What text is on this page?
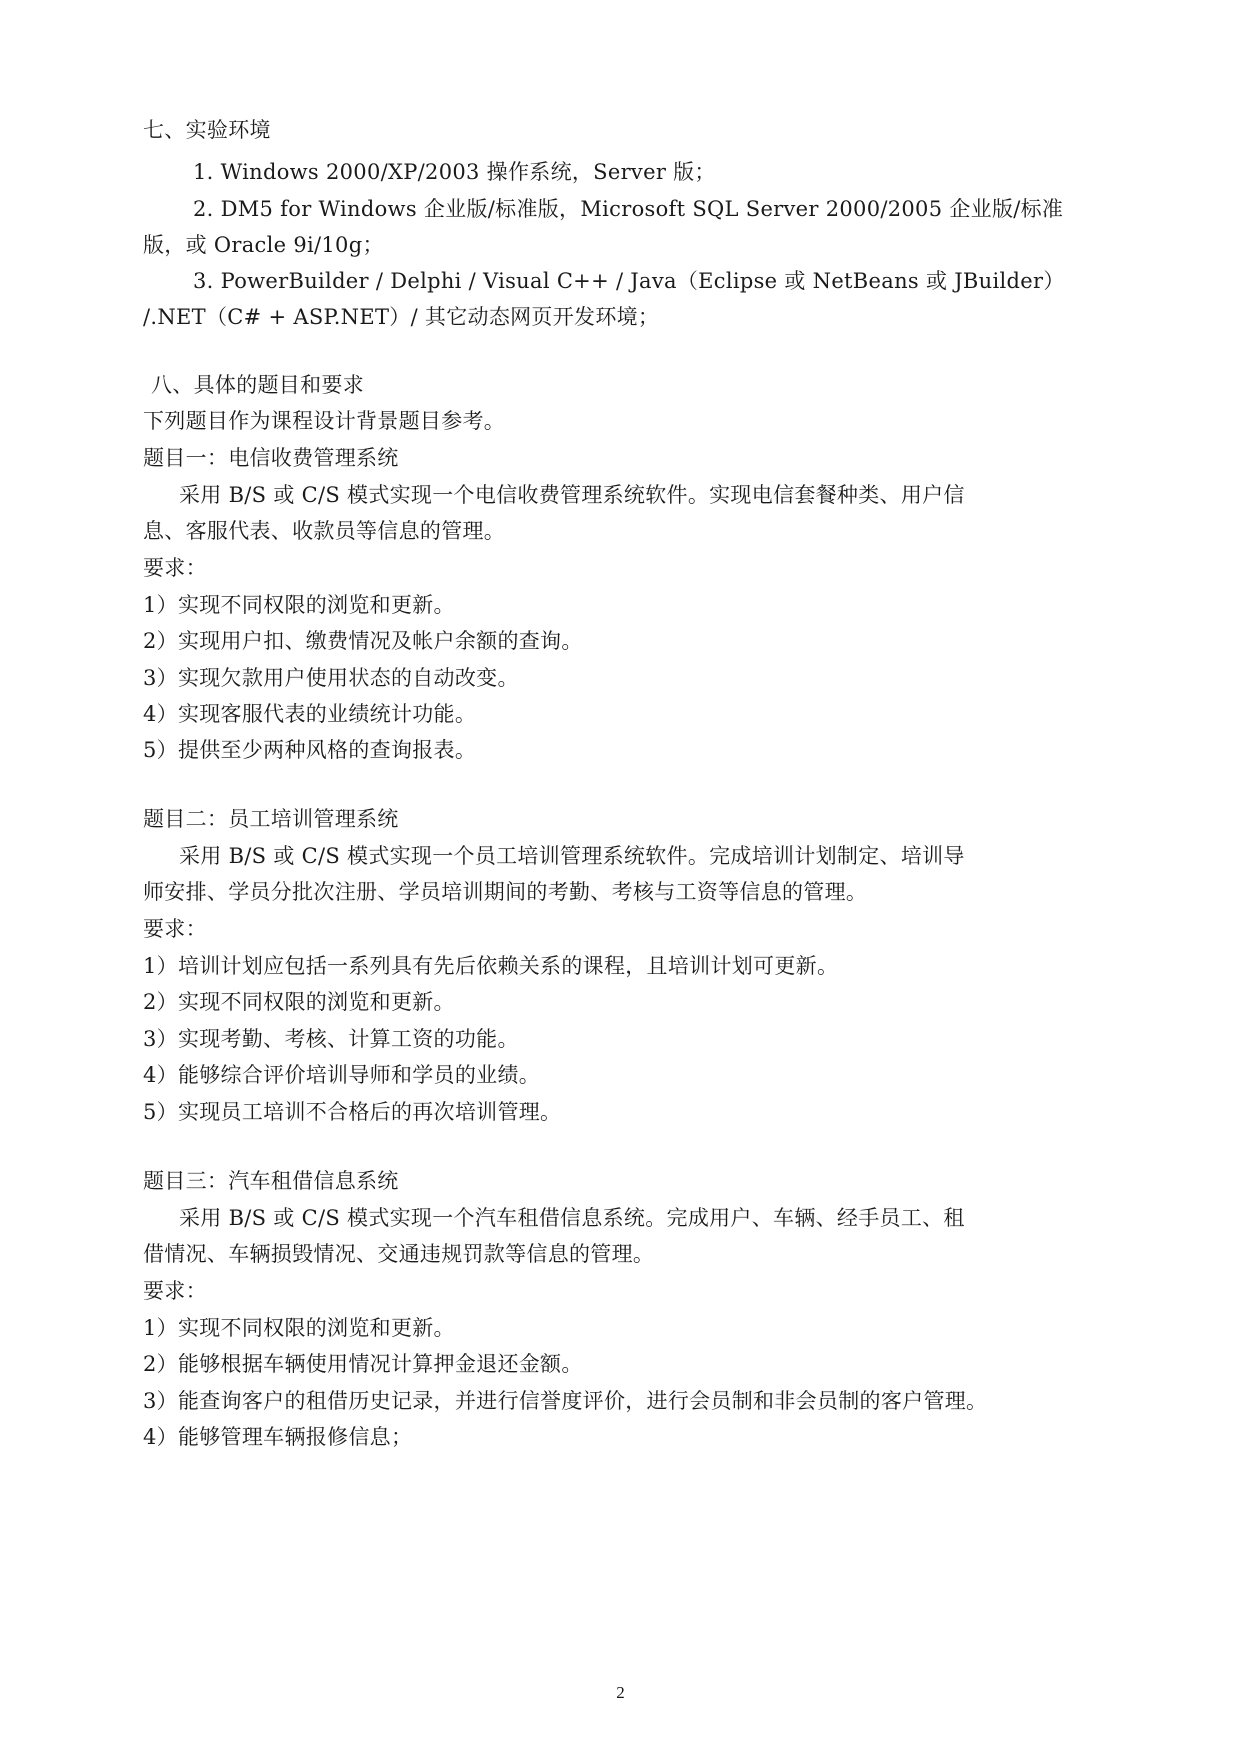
七、实验环境
1. Windows 2000/XP/2003 操作系统，Server 版；
2. DM5 for Windows 企业版/标准版，Microsoft SQL Server 2000/2005 企业版/标准
版，或 Oracle 9i/10g；
3. PowerBuilder / Delphi / Visual C++ / Java（Eclipse 或 NetBeans 或 JBuilder）
/.NET（C# + ASP.NET）/ 其它动态网页开发环境；
八、具体的题目和要求
下列题目作为课程设计背景题目参考。
题目一：电信收费管理系统
采用 B/S 或 C/S 模式实现一个电信收费管理系统软件。实现电信套餐种类、用户信
息、客服代表、收款员等信息的管理。
要求：
1）实现不同权限的浏览和更新。
2）实现用户扣、缴费情况及帐户余额的查询。
3）实现欠款用户使用状态的自动改变。
4）实现客服代表的业绩统计功能。
5）提供至少两种风格的查询报表。
题目二：员工培训管理系统
采用 B/S 或 C/S 模式实现一个员工培训管理系统软件。完成培训计划制定、培训导
师安排、学员分批次注册、学员培训期间的考勤、考核与工资等信息的管理。
要求：
1）培训计划应包括一系列具有先后依赖关系的课程，且培训计划可更新。
2）实现不同权限的浏览和更新。
3）实现考勤、考核、计算工资的功能。
4）能够综合评价培训导师和学员的业绩。
5）实现员工培训不合格后的再次培训管理。
题目三：汽车租借信息系统
采用 B/S 或 C/S 模式实现一个汽车租借信息系统。完成用户、车辆、经手员工、租
借情况、车辆损毁情况、交通违规罚款等信息的管理。
要求：
1）实现不同权限的浏览和更新。
2）能够根据车辆使用情况计算押金退还金额。
3）能查询客户的租借历史记录，并进行信誉度评价，进行会员制和非会员制的客户管理。
4）能够管理车辆报修信息；
2
